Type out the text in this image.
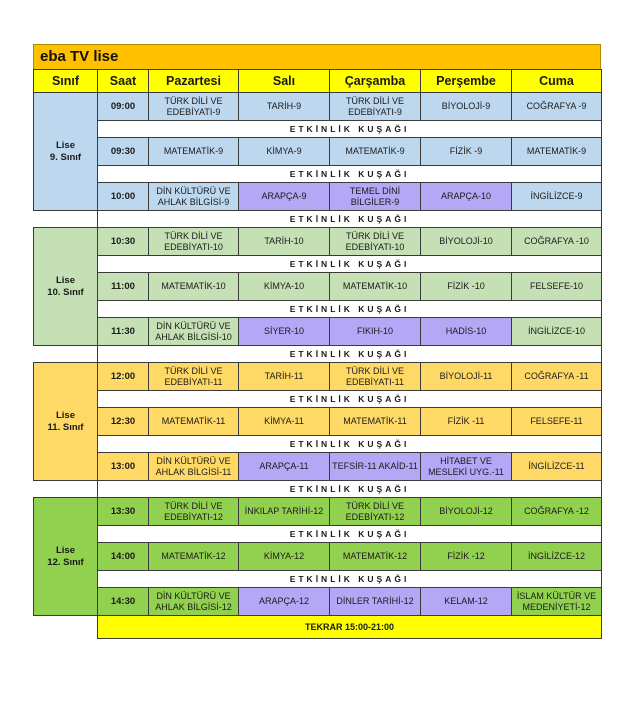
eba TV lise
Sınıf	Saat	Pazartesi	Salı	Çarşamba	Perşembe	Cuma
Lise
9. Sınıf	09:00	TÜRK DİLİ VE EDEBİYATI-9	TARİH-9	TÜRK DİLİ VE EDEBİYATI-9	BİYOLOJİ-9	COĞRAFYA -9
	ETKİNLİK KUŞAĞI					
	09:30	MATEMATİK-9	KİMYA-9	MATEMATİK-9	FİZİK -9	MATEMATİK-9
	ETKİNLİK KUŞAĞI					
	10:00	DİN KÜLTÜRÜ VE AHLAK BİLGİSİ-9	ARAPÇA-9	TEMEL DİNİ BİLGİLER-9	ARAPÇA-10	İNGİLİZCE-9
	ETKİNLİK KUŞAĞI					
Lise
10. Sınıf	10:30	TÜRK DİLİ VE EDEBİYATI-10	TARİH-10	TÜRK DİLİ VE EDEBİYATI-10	BİYOLOJİ-10	COĞRAFYA -10
	ETKİNLİK KUŞAĞI					
	11:00	MATEMATİK-10	KİMYA-10	MATEMATİK-10	FİZİK -10	FELSEFE-10
	ETKİNLİK KUŞAĞI					
	11:30	DİN KÜLTÜRÜ VE AHLAK BİLGİSİ-10	SİYER-10	FIKIH-10	HADİS-10	İNGİLİZCE-10
	ETKİNLİK KUŞAĞI					
Lise
11. Sınıf	12:00	TÜRK DİLİ VE EDEBİYATI-11	TARİH-11	TÜRK DİLİ VE EDEBİYATI-11	BİYOLOJİ-11	COĞRAFYA -11
	ETKİNLİK KUŞAĞI					
	12:30	MATEMATİK-11	KİMYA-11	MATEMATİK-11	FİZİK -11	FELSEFE-11
	ETKİNLİK KUŞAĞI					
	13:00	DİN KÜLTÜRÜ VE AHLAK BİLGİSİ-11	ARAPÇA-11	TEFSİR-11 AKAİD-11	HİTABET VE MESLEKİ UYG.-11	İNGİLİZCE-11
	ETKİNLİK KUŞAĞI					
Lise
12. Sınıf	13:30	TÜRK DİLİ VE EDEBİYATI-12	İNKILAP TARİHİ-12	TÜRK DİLİ VE EDEBİYATI-12	BİYOLOJİ-12	COĞRAFYA -12
	ETKİNLİK KUŞAĞI					
	14:00	MATEMATİK-12	KİMYA-12	MATEMATİK-12	FİZİK -12	İNGİLİZCE-12
	ETKİNLİK KUŞAĞI					
	14:30	DİN KÜLTÜRÜ VE AHLAK BİLGİSİ-12	ARAPÇA-12	DİNLER TARİHİ-12	KELAM-12	İSLAM KÜLTÜR VE MEDENİYETİ-12
	TEKRAR 15:00-21:00					
